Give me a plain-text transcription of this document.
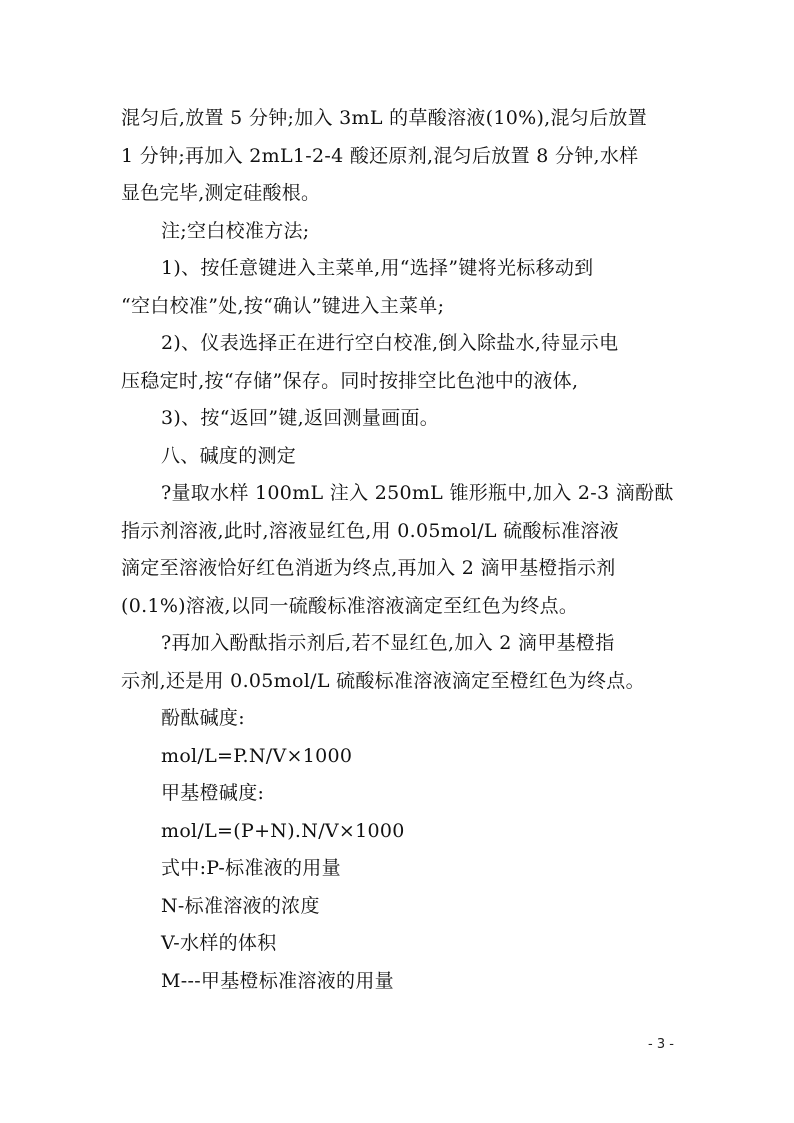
混匀后,放置 5 分钟;加入 3mL 的草酸溶液(10%),混匀后放置
1 分钟;再加入 2mL1-2-4 酸还原剂,混匀后放置 8 分钟,水样
显色完毕,测定硅酸根。
注;空白校准方法;
1)、按任意键进入主菜单,用“选择”键将光标移动到
“空白校准”处,按“确认”键进入主菜单;
2)、仪表选择正在进行空白校准,倒入除盐水,待显示电
压稳定时,按“存储”保存。同时按排空比色池中的液体,
3)、按“返回”键,返回测量画面。
八、碱度的测定
?量取水样 100mL 注入 250mL 锥形瓶中,加入 2-3 滴酚酞
指示剂溶液,此时,溶液显红色,用 0.05mol/L 硫酸标准溶液
滴定至溶液恰好红色消逝为终点,再加入 2 滴甲基橙指示剂
(0.1%)溶液,以同一硫酸标准溶液滴定至红色为终点。
?再加入酚酞指示剂后,若不显红色,加入 2 滴甲基橙指
示剂,还是用 0.05mol/L 硫酸标准溶液滴定至橙红色为终点。
酚酞碱度:
mol/L=P.N/V×1000
甲基橙碱度:
mol/L=(P+N).N/V×1000
式中:P-标准液的用量
N-标准溶液的浓度
V-水样的体积
M---甲基橙标准溶液的用量
- 3 -
